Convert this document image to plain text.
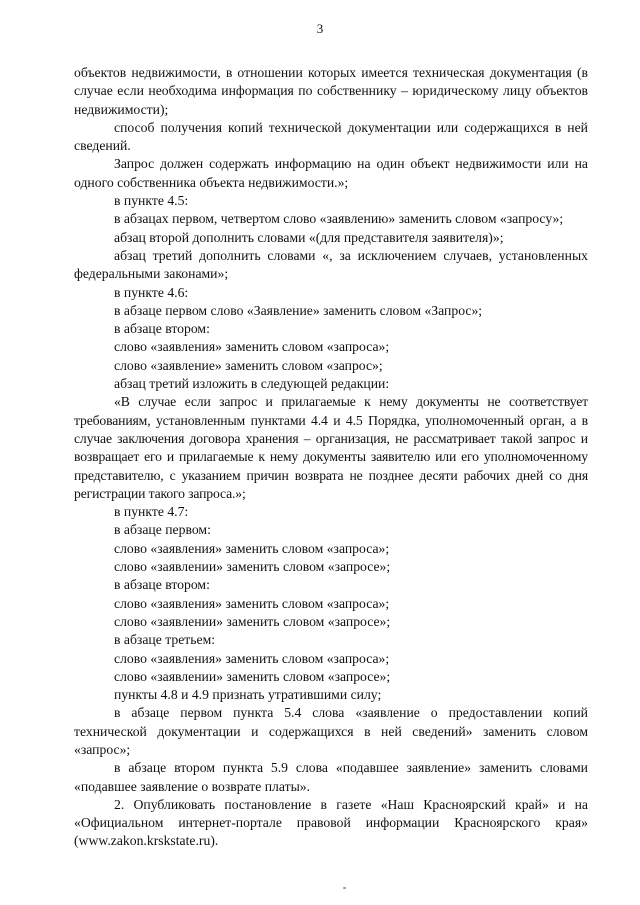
3

объектов недвижимости, в отношении которых имеется техническая документация (в случае если необходима информация по собственнику – юридическому лицу объектов недвижимости);

способ получения копий технической документации или содержащихся в ней сведений.

Запрос должен содержать информацию на один объект недвижимости или на одного собственника объекта недвижимости.»;

в пункте 4.5:

в абзацах первом, четвертом слово «заявлению» заменить словом «запросу»;

абзац второй дополнить словами «(для представителя заявителя)»;

абзац третий дополнить словами «, за исключением случаев, установленных федеральными законами»;

в пункте 4.6:

в абзаце первом слово «Заявление» заменить словом «Запрос»;

в абзаце втором:

слово «заявления» заменить словом «запроса»;

слово «заявление» заменить словом «запрос»;

абзац третий изложить в следующей редакции:

«В случае если запрос и прилагаемые к нему документы не соответствует требованиям, установленным пунктами 4.4 и 4.5 Порядка, уполномоченный орган, а в случае заключения договора хранения – организация, не рассматривает такой запрос и возвращает его и прилагаемые к нему документы заявителю или его уполномоченному представителю, с указанием причин возврата не позднее десяти рабочих дней со дня регистрации такого запроса.»;

в пункте 4.7:

в абзаце первом:

слово «заявления» заменить словом «запроса»;

слово «заявлении» заменить словом «запросе»;

в абзаце втором:

слово «заявления» заменить словом «запроса»;

слово «заявлении» заменить словом «запросе»;

в абзаце третьем:

слово «заявления» заменить словом «запроса»;

слово «заявлении» заменить словом «запросе»;

пункты 4.8 и 4.9 признать утратившими силу;

в абзаце первом пункта 5.4 слова «заявление о предоставлении копий технической документации и содержащихся в ней сведений» заменить словом «запрос»;

в абзаце втором пункта 5.9 слова «подавшее заявление» заменить словами «подавшее заявление о возврате платы».

2. Опубликовать постановление в газете «Наш Красноярский край» и на «Официальном интернет-портале правовой информации Красноярского края» (www.zakon.krskstate.ru).
